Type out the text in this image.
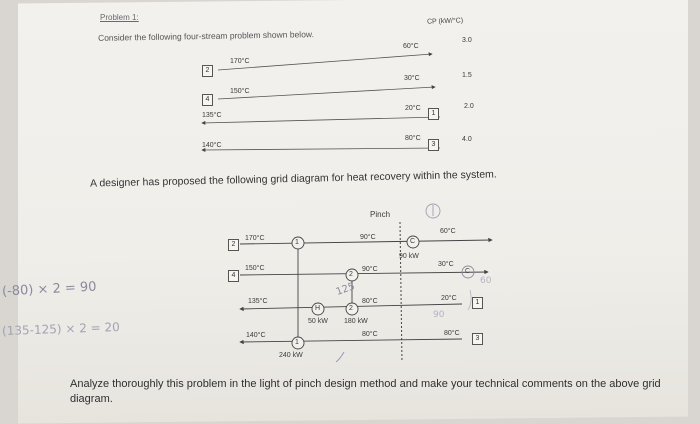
Problem 1:
Consider the following four-stream problem shown below.
CP (kW/°C)
2
170°C
60°C
3.0
4
150°C
30°C	1.5
135°C
20°C
1
2.0
140°C
80°C
3
4.0
A designer has proposed the following grid diagram for heat recovery within the system.
Pinch
2
170°C
1
90°C
C
90 kW
60°C
4
150°C
2
90°C
30°C
C
135°C
H	2
80°C
50 kW 180 kW
20°C
1
140°C
1
80°C
240 kW
80°C
3
(-80) × 2 = 90
(135-125) × 2 = 20
125
60
90
Analyze thoroughly this problem in the light of pinch design method and make your technical comments on the above grid diagram.
